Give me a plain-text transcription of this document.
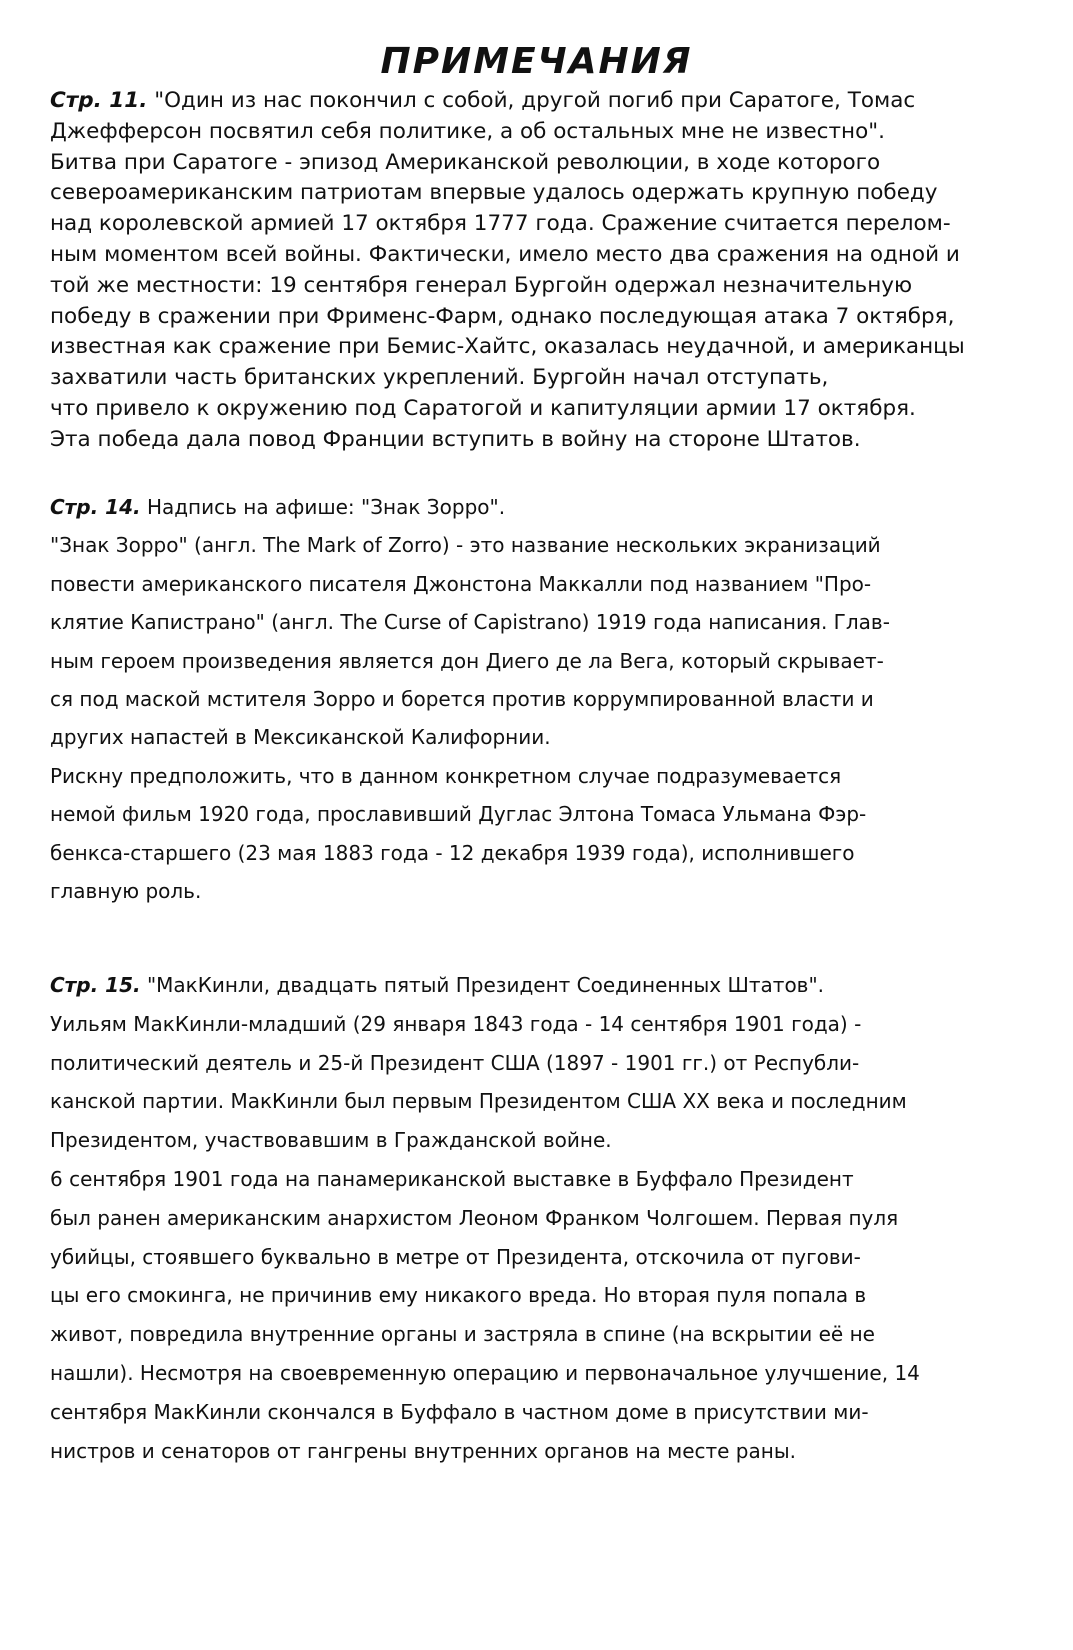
ПРИМЕЧАНИЯ
Стр. 11. "Один из нас покончил с собой, другой погиб при Саратоге, Томас
Джефферсон посвятил себя политике, а об остальных мне не известно".
Битва при Саратоге - эпизод Американской революции, в ходе которого
североамериканским патриотам впервые удалось одержать крупную победу
над королевской армией 17 октября 1777 года. Сражение считается перелом-
ным моментом всей войны. Фактически, имело место два сражения на одной и
той же местности: 19 сентября генерал Бургойн одержал незначительную
победу в сражении при Фрименс-Фарм, однако последующая атака 7 октября,
известная как сражение при Бемис-Хайтс, оказалась неудачной, и американцы
захватили часть британских укреплений. Бургойн начал отступать,
что привело к окружению под Саратогой и капитуляции армии 17 октября.
Эта победа дала повод Франции вступить в войну на стороне Штатов.
Стр. 14. Надпись на афише: "Знак Зорро".
"Знак Зорро" (англ. The Mark of Zorro) - это название нескольких экранизаций
повести американского писателя Джонстона Маккалли под названием "Про-
клятие Капистрано" (англ. The Curse of Capistrano) 1919 года написания. Глав-
ным героем произведения является дон Диего де ла Вега, который скрывает-
ся под маской мстителя Зорро и борется против коррумпированной власти и
других напастей в Мексиканской Калифорнии.
Рискну предположить, что в данном конкретном случае подразумевается
немой фильм 1920 года, прославивший Дуглас Элтона Томаса Ульмана Фэр-
бенкса-старшего (23 мая 1883 года - 12 декабря 1939 года), исполнившего
главную роль.
Стр. 15. "МакКинли, двадцать пятый Президент Соединенных Штатов".
Уильям МакКинли-младший (29 января 1843 года - 14 сентября 1901 года) -
политический деятель и 25-й Президент США (1897 - 1901 гг.) от Республи-
канской партии. МакКинли был первым Президентом США XX века и последним
Президентом, участвовавшим в Гражданской войне.
6 сентября 1901 года на панамериканской выставке в Буффало Президент
был ранен американским анархистом Леоном Франком Чолгошем. Первая пуля
убийцы, стоявшего буквально в метре от Президента, отскочила от пугови-
цы его смокинга, не причинив ему никакого вреда. Но вторая пуля попала в
живот, повредила внутренние органы и застряла в спине (на вскрытии её не
нашли). Несмотря на своевременную операцию и первоначальное улучшение, 14
сентября МакКинли скончался в Буффало в частном доме в присутствии ми-
нистров и сенаторов от гангрены внутренних органов на месте раны.
